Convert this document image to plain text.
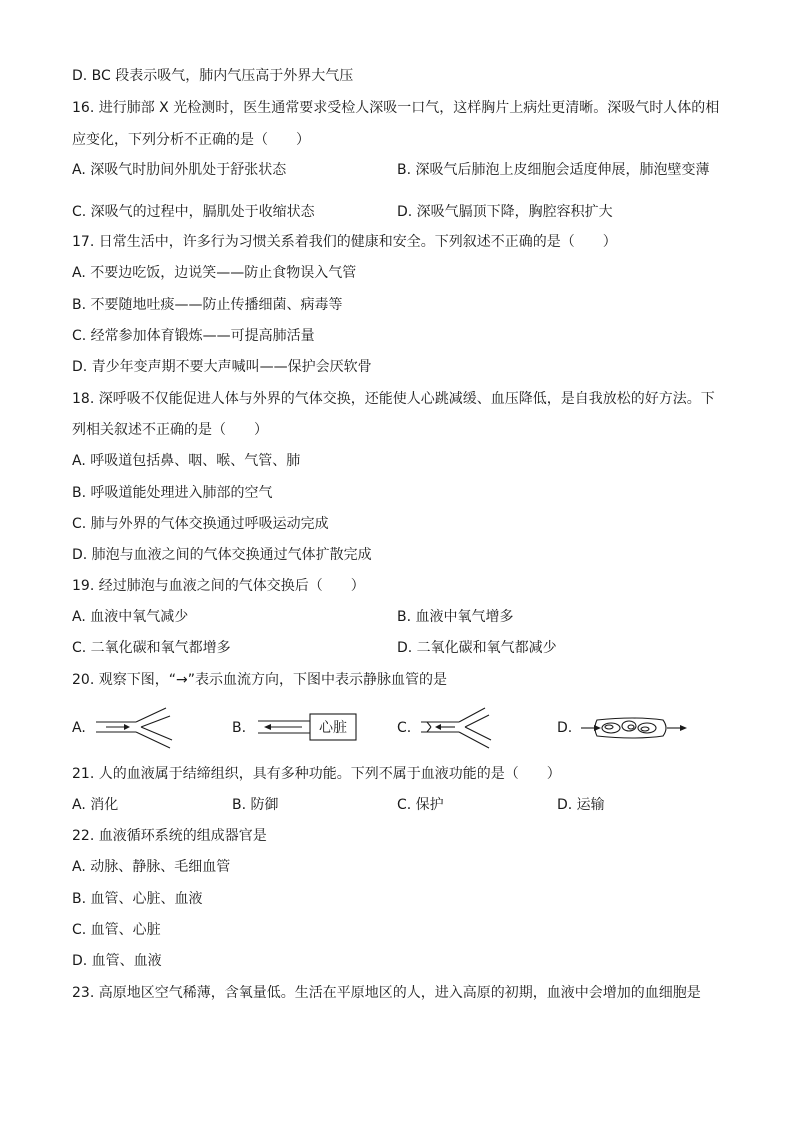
D. BC 段表示吸气，肺内气压高于外界大气压
16. 进行肺部 X 光检测时，医生通常要求受检人深吸一口气，这样胸片上病灶更清晰。深吸气时人体的相
应变化，下列分析不正确的是（　　）
A. 深吸气时肋间外肌处于舒张状态	B. 深吸气后肺泡上皮细胞会适度伸展，肺泡壁变薄
C. 深吸气的过程中，膈肌处于收缩状态	D. 深吸气膈顶下降，胸腔容积扩大
17. 日常生活中，许多行为习惯关系着我们的健康和安全。下列叙述不正确的是（　　）
A. 不要边吃饭，边说笑——防止食物误入气管
B. 不要随地吐痰——防止传播细菌、病毒等
C. 经常参加体育锻炼——可提高肺活量
D. 青少年变声期不要大声喊叫——保护会厌软骨
18. 深呼吸不仅能促进人体与外界的气体交换，还能使人心跳减缓、血压降低，是自我放松的好方法。下
列相关叙述不正确的是（　　）
A. 呼吸道包括鼻、咽、喉、气管、肺
B. 呼吸道能处理进入肺部的空气
C. 肺与外界的气体交换通过呼吸运动完成
D. 肺泡与血液之间的气体交换通过气体扩散完成
19. 经过肺泡与血液之间的气体交换后（　　）
A. 血液中氧气减少	B. 血液中氧气增多
C. 二氧化碳和氧气都增多	D. 二氧化碳和氧气都减少
20. 观察下图，“→”表示血流方向，下图中表示静脉血管的是
A.	B.	心脏	C.	D.
21. 人的血液属于结缔组织，具有多种功能。下列不属于血液功能的是（　　）
A. 消化	B. 防御	C. 保护	D. 运输
22. 血液循环系统的组成器官是
A. 动脉、静脉、毛细血管
B. 血管、心脏、血液
C. 血管、心脏
D. 血管、血液
23. 高原地区空气稀薄，含氧量低。生活在平原地区的人，进入高原的初期，血液中会增加的血细胞是
